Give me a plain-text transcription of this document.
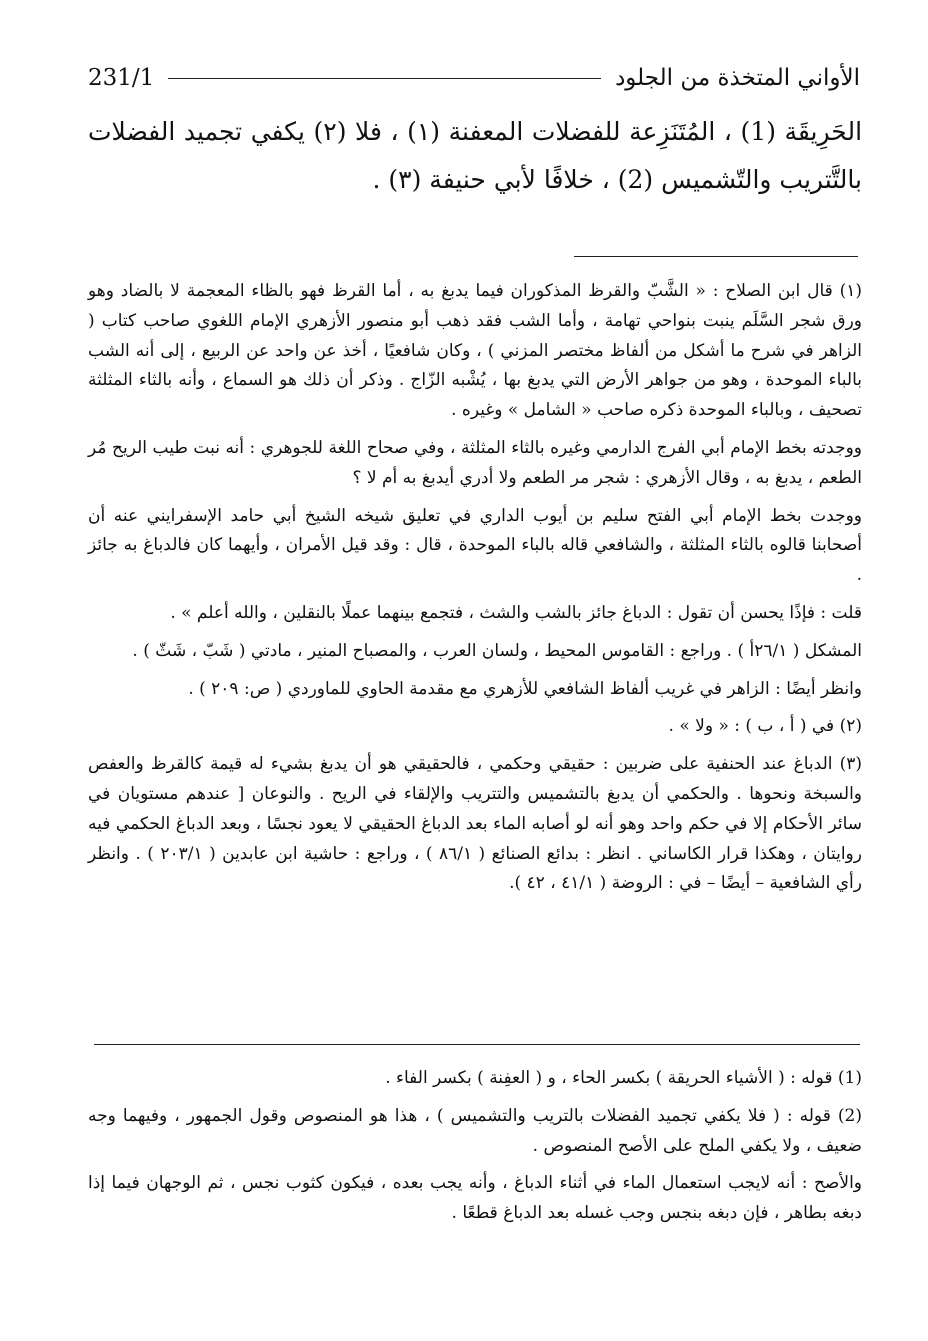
231/1	الأواني المتخذة من الجلود

الحَرِيقَة (1) ، المُتَنَزِعة للفضلات المعفنة (١) ، فلا (٢) يكفي تجميد الفضلات بالتَّتريب والتّشميس (2) ، خلافًا لأبي حنيفة (٣) .

(١) قال ابن الصلاح : « الشَّبّ والقرظ المذكوران فيما يدبغ به ، أما القرظ فهو بالظاء المعجمة لا بالضاد وهو ورق شجر السَّلَم ينبت بنواحي تهامة ، وأما الشب فقد ذهب أبو منصور الأزهري الإمام اللغوي صاحب كتاب ( الزاهر في شرح ما أشكل من ألفاظ مختصر المزني ) ، وكان شافعيًا ، أخذ عن واحد عن الربيع ، إلى أنه الشب بالباء الموحدة ، وهو من جواهر الأرض التي يدبغ بها ، يُشْبه الزّاج . وذكر أن ذلك هو السماع ، وأنه بالثاء المثلثة تصحيف ، وبالباء الموحدة ذكره صاحب « الشامل » وغيره .

ووجدته بخط الإمام أبي الفرج الدارمي وغيره بالثاء المثلثة ، وفي صحاح اللغة للجوهري : أنه نبت طيب الريح مُر الطعم ، يدبغ به ، وقال الأزهري : شجر مر الطعم ولا أدري أيدبغ به أم لا ؟

ووجدت بخط الإمام أبي الفتح سليم بن أيوب الداري في تعليق شيخه الشيخ أبي حامد الإسفرايني عنه أن أصحابنا قالوه بالثاء المثلثة ، والشافعي قاله بالباء الموحدة ، قال : وقد قيل الأمران ، وأيهما كان فالدباغ به جائز .

قلت : فإذًا يحسن أن تقول : الدباغ جائز بالشب والشث ، فتجمع بينهما عملًا بالنقلين ، والله أعلم » .

المشكل ( ٢٦/١أ ) . وراجع : القاموس المحيط ، ولسان العرب ، والمصباح المنير ، مادتي ( شَبّ ، شَثّ ) .

وانظر أيضًا : الزاهر في غريب ألفاظ الشافعي للأزهري مع مقدمة الحاوي للماوردي ( ص: ٢٠٩ ) .

(٢) في ( أ ، ب ) : « ولا » .

(٣) الدباغ عند الحنفية على ضربين : حقيقي وحكمي ، فالحقيقي هو أن يدبغ بشيء له قيمة كالقرظ والعفص والسبخة ونحوها . والحكمي أن يدبغ بالتشميس والتتريب والإلقاء في الريح . والنوعان [ عندهم مستويان في سائر الأحكام إلا في حكم واحد وهو أنه لو أصابه الماء بعد الدباغ الحقيقي لا يعود نجسًا ، وبعد الدباغ الحكمي فيه روايتان ، وهكذا قرار الكاساني . انظر : بدائع الصنائع ( ٨٦/١ ) ، وراجع : حاشية ابن عابدين ( ٢٠٣/١ ) . وانظر رأي الشافعية – أيضًا – في : الروضة ( ٤١/١ ، ٤٢ ).

(1) قوله : ( الأشياء الحريقة ) بكسر الحاء ، و ( العفِنة ) بكسر الفاء .

(2) قوله : ( فلا يكفي تجميد الفضلات بالتريب والتشميس ) ، هذا هو المنصوص وقول الجمهور ، وفيهما وجه ضعيف ، ولا يكفي الملح على الأصح المنصوص .

والأصح : أنه لايجب استعمال الماء في أثناء الدباغ ، وأنه يجب بعده ، فيكون كثوب نجس ، ثم الوجهان فيما إذا دبغه بطاهر ، فإن دبغه بنجس وجب غسله بعد الدباغ قطعًا .
